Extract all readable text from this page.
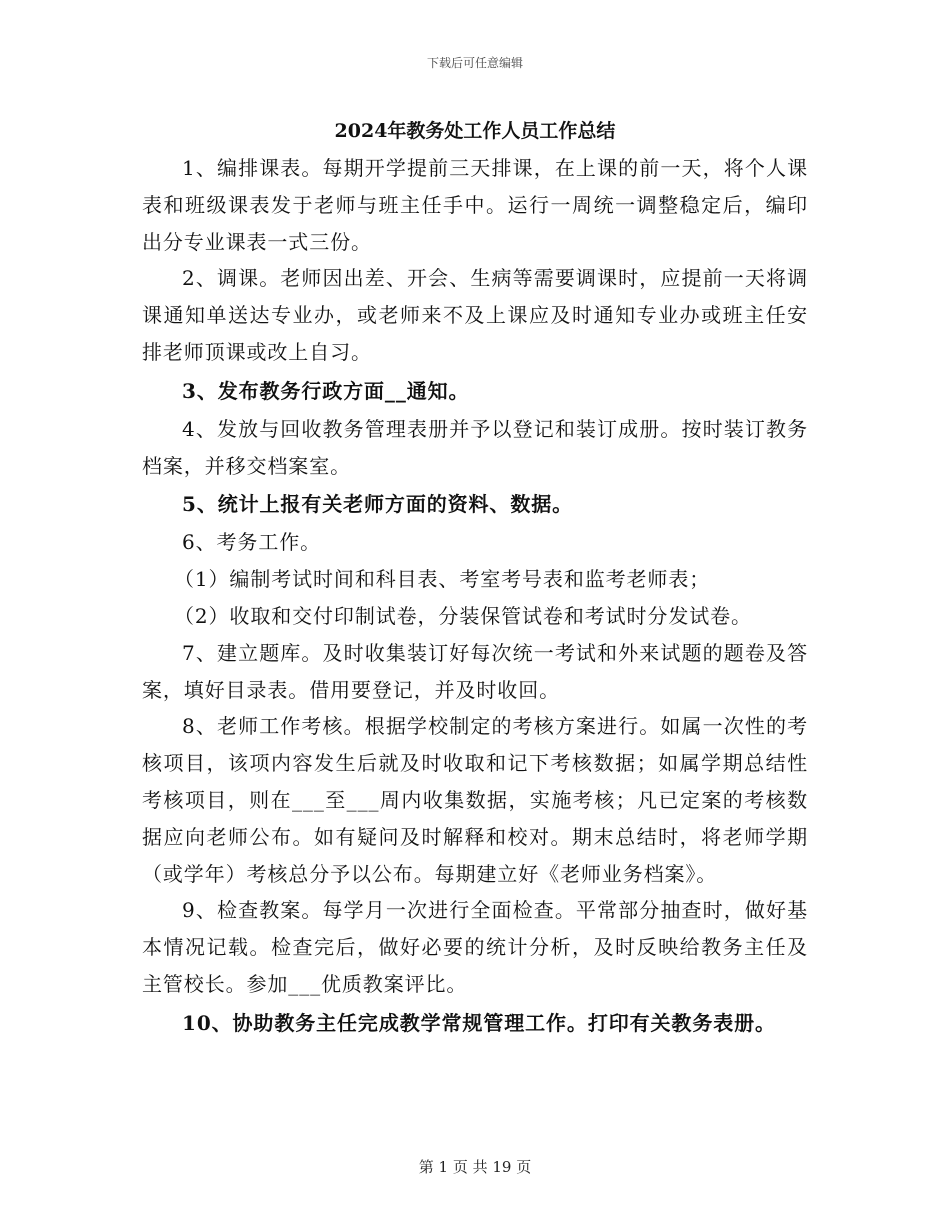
下载后可任意编辑
2024年教务处工作人员工作总结

1、编排课表。每期开学提前三天排课，在上课的前一天，将个人课表和班级课表发于老师与班主任手中。运行一周统一调整稳定后，编印出分专业课表一式三份。

2、调课。老师因出差、开会、生病等需要调课时，应提前一天将调课通知单送达专业办，或老师来不及上课应及时通知专业办或班主任安排老师顶课或改上自习。

3、发布教务行政方面__通知。

4、发放与回收教务管理表册并予以登记和装订成册。按时装订教务档案，并移交档案室。

5、统计上报有关老师方面的资料、数据。

6、考务工作。

（1）编制考试时间和科目表、考室考号表和监考老师表；

（2）收取和交付印制试卷，分装保管试卷和考试时分发试卷。

7、建立题库。及时收集装订好每次统一考试和外来试题的题卷及答案，填好目录表。借用要登记，并及时收回。

8、老师工作考核。根据学校制定的考核方案进行。如属一次性的考核项目，该项内容发生后就及时收取和记下考核数据；如属学期总结性考核项目，则在___至___周内收集数据，实施考核；凡已定案的考核数据应向老师公布。如有疑问及时解释和校对。期末总结时，将老师学期（或学年）考核总分予以公布。每期建立好《老师业务档案》。

9、检查教案。每学月一次进行全面检查。平常部分抽查时，做好基本情况记载。检查完后，做好必要的统计分析，及时反映给教务主任及主管校长。参加___优质教案评比。

10、协助教务主任完成教学常规管理工作。打印有关教务表册。

第 1 页 共 19 页
